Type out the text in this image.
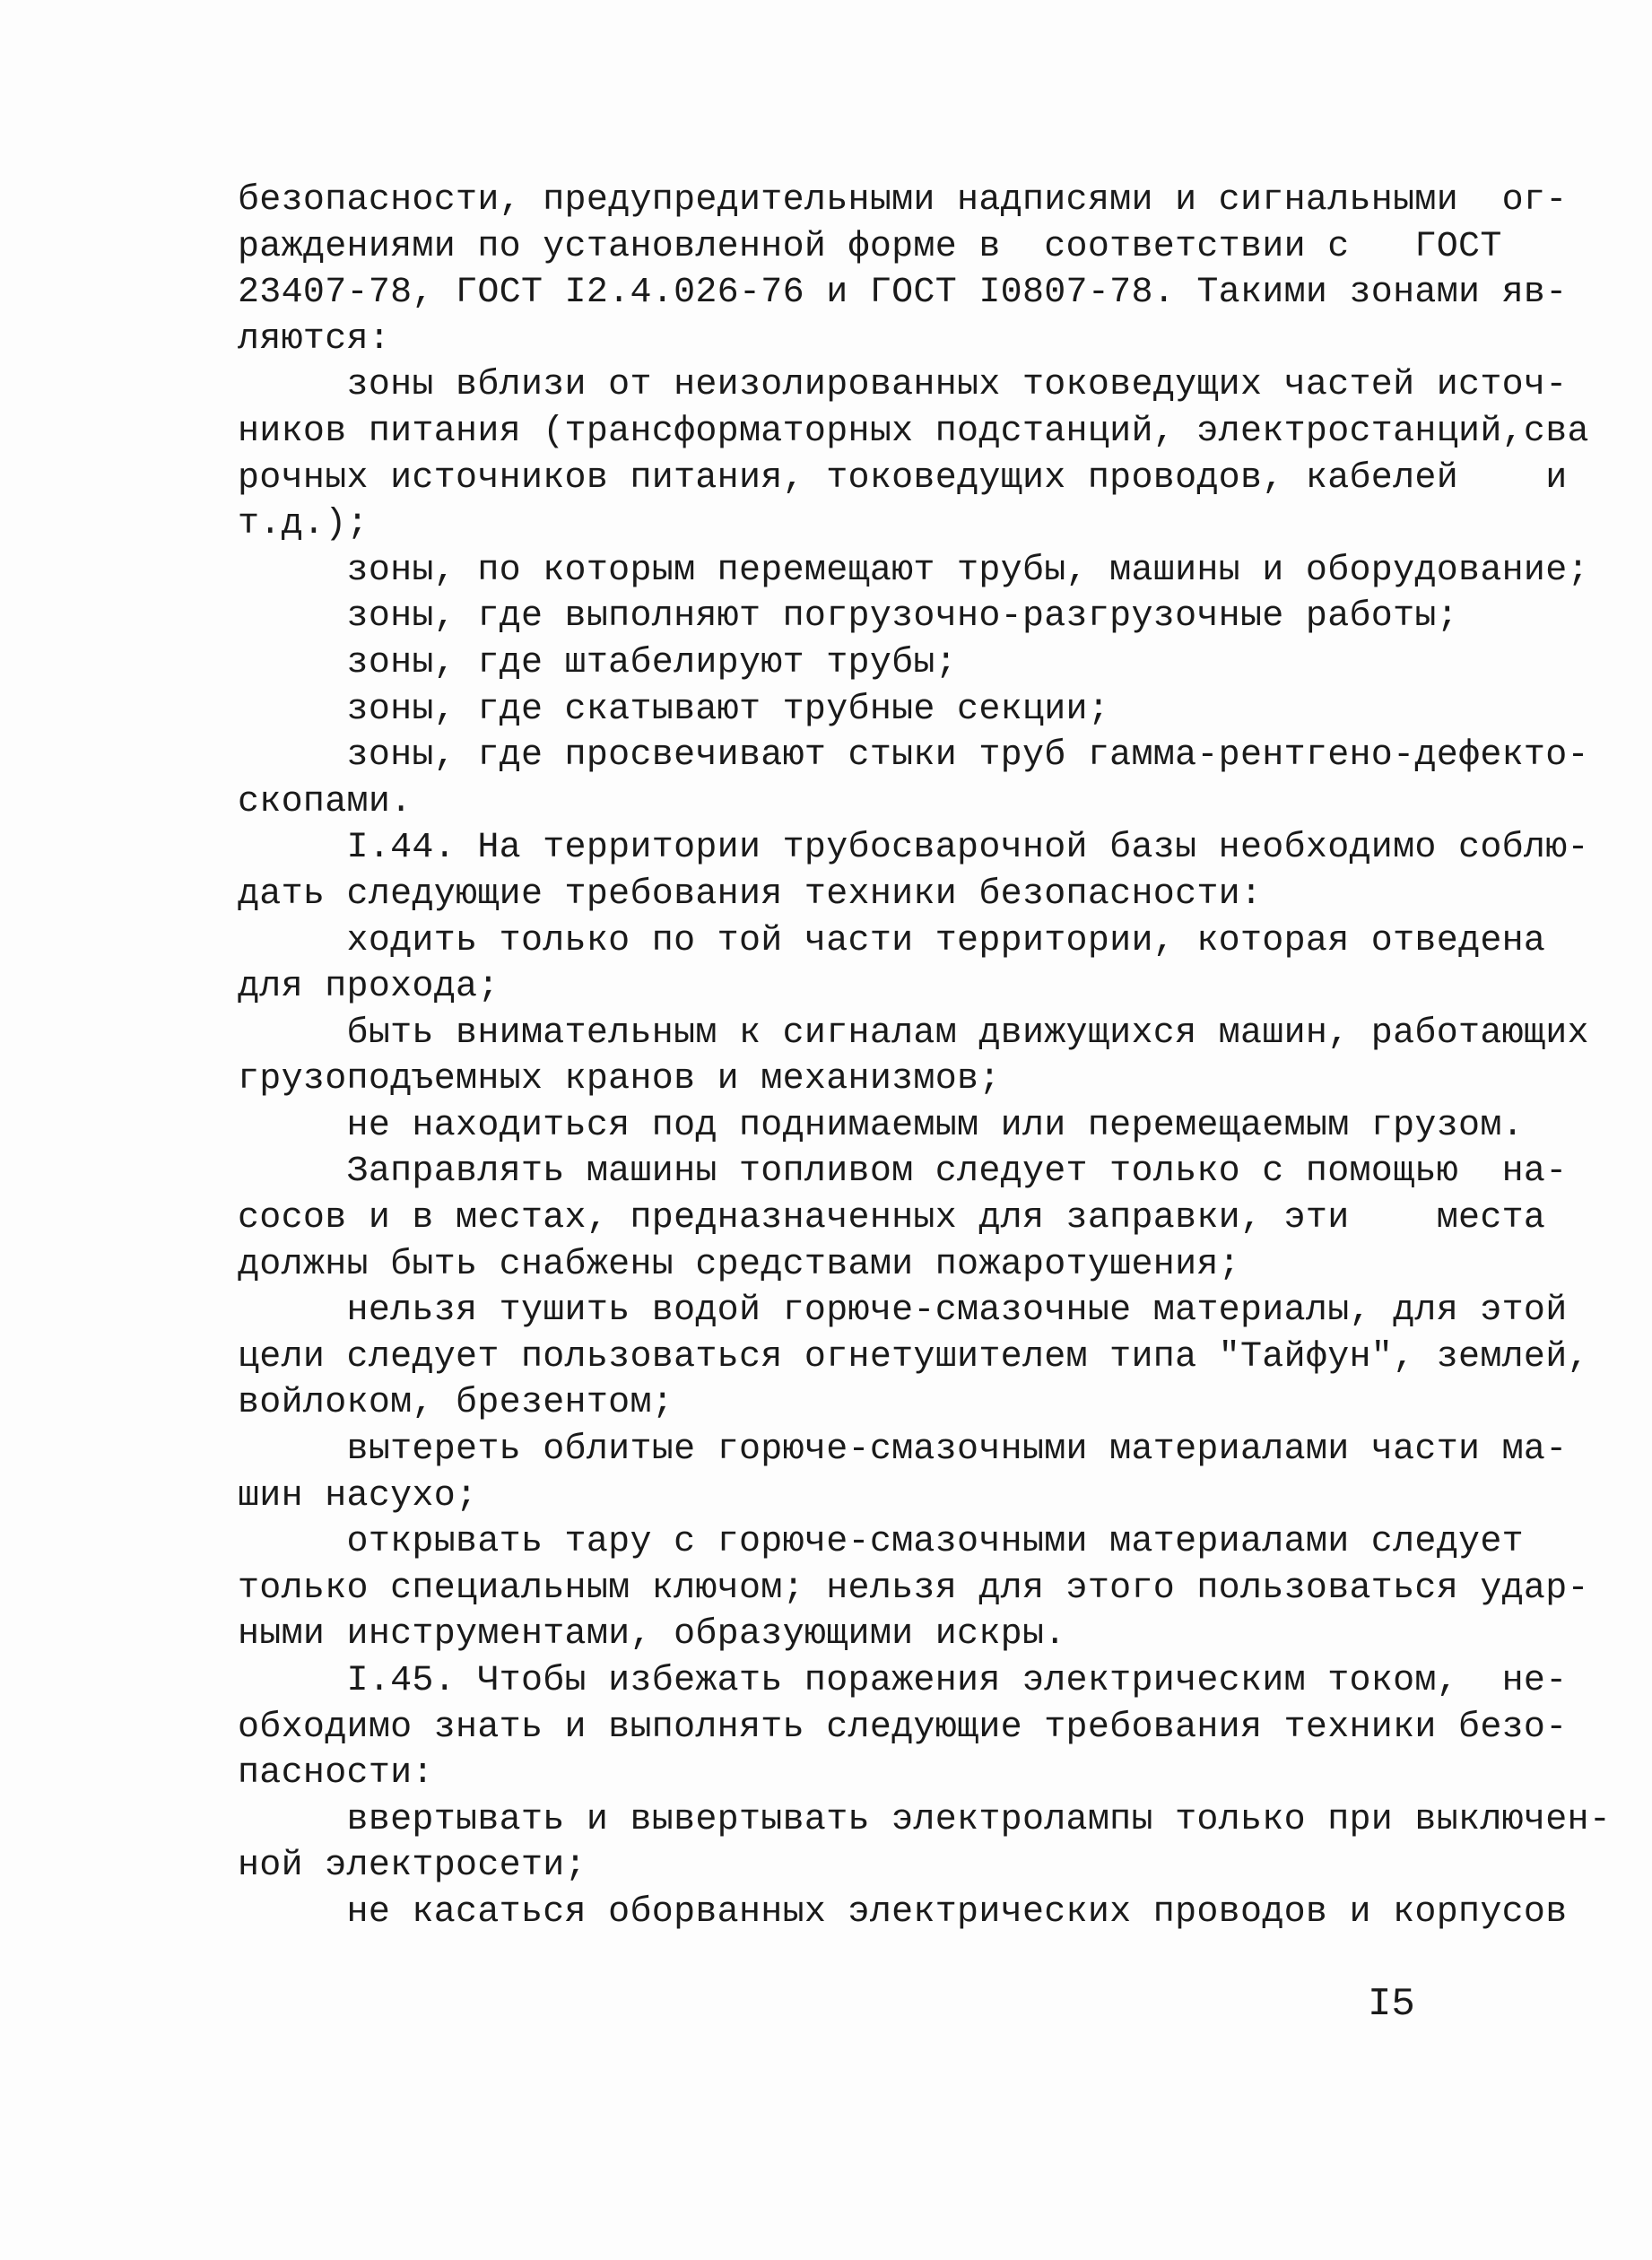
безопасности, предупредительными надписями и сигнальными  ог-
раждениями по установленной форме в  соответствии с   ГОСТ
23407-78, ГОСТ I2.4.026-76 и ГОСТ I0807-78. Такими зонами яв-
ляются:
зоны вблизи от неизолированных токоведущих частей источ-
ников питания (трансформаторных подстанций, электростанций,сва
рочных источников питания, токоведущих проводов, кабелей    и
т.д.);
зоны, по которым перемещают трубы, машины и оборудование;
зоны, где выполняют погрузочно-разгрузочные работы;
зоны, где штабелируют трубы;
зоны, где скатывают трубные секции;
зоны, где просвечивают стыки труб гамма-рентгено-дефекто-
скопами.
I.44. На территории трубосварочной базы необходимо соблю-
дать следующие требования техники безопасности:
ходить только по той части территории, которая отведена
для прохода;
быть внимательным к сигналам движущихся машин, работающих
грузоподъемных кранов и механизмов;
не находиться под поднимаемым или перемещаемым грузом.
Заправлять машины топливом следует только с помощью  на-
сосов и в местах, предназначенных для заправки, эти    места
должны быть снабжены средствами пожаротушения;
нельзя тушить водой горюче-смазочные материалы, для этой
цели следует пользоваться огнетушителем типа "Тайфун", землей,
войлоком, брезентом;
вытереть облитые горюче-смазочными материалами части ма-
шин насухо;
открывать тару с горюче-смазочными материалами следует
только специальным ключом; нельзя для этого пользоваться удар-
ными инструментами, образующими искры.
I.45. Чтобы избежать поражения электрическим током,  не-
обходимо знать и выполнять следующие требования техники безо-
пасности:
ввертывать и вывертывать электролампы только при выключен-
ной электросети;
не касаться оборванных электрических проводов и корпусов
I5
